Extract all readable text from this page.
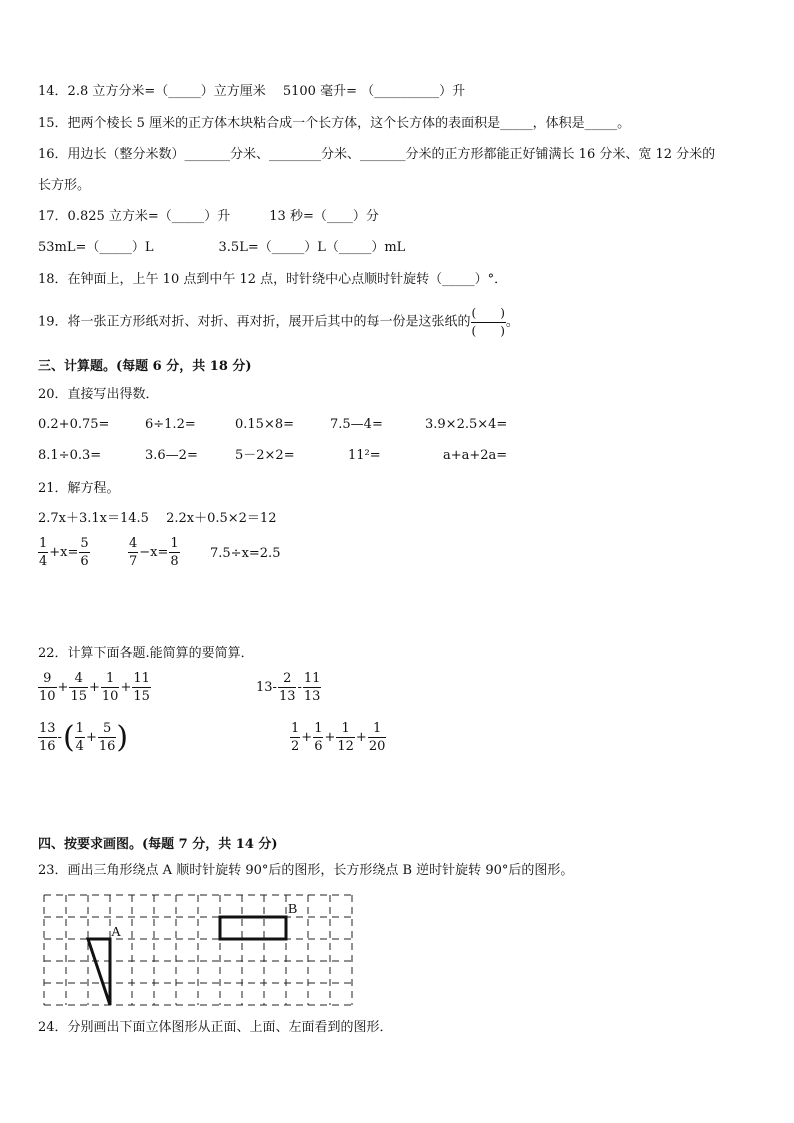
14．2.8 立方分米=（_____）立方厘米　 5100 毫升= （__________）升
15．把两个棱长 5 厘米的正方体木块粘合成一个长方体，这个长方体的表面积是_____，体积是_____。
16．用边长（整分米数）_______分米、________分米、_______分米的正方形都能正好铺满长 16 分米、宽 12 分米的
长方形。
17．0.825 立方米=（_____）升　　　13 秒=（____）分
53mL=（_____）L　　　　　3.5L=（_____）L（_____）mL
18．在钟面上，上午 10 点到中午 12 点，时针绕中心点顺时针旋转（_____）°．
19．将一张正方形纸对折、对折、再对折，展开后其中的每一份是这张纸的 $\frac{( )}{( )}$ 。
三、计算题。(每题 6 分，共 18 分)
20．直接写出得数．
0.2+0.75=	6÷1.2=	0.15×8=	7.5—4=	3.9×2.5×4=
8.1÷0.3=	3.6—2=	5－2×2=	11²=	a+a+2a=
21．解方程。
2.7x＋3.1x＝14.5　 2.2x＋0.5×2＝12
$\frac{1}{4} +x= \frac{5}{6}$	$\frac{4}{7} -x= \frac{1}{8} 7.5\div x=2.5$
22．计算下面各题.能简算的要简算．
$\frac{9}{10} + \frac{4}{15} + \frac{1}{10} + \frac{11}{15}$	$13- \frac{2}{13} - \frac{11}{13}$
$\frac{13}{16}$ -( $\frac{1}{4} + \frac{5}{16}$ )	$\frac{1}{2} + \frac{1}{6} + \frac{1}{12} + \frac{1}{20}$
四、按要求画图。(每题 7 分，共 14 分)
23．画出三角形绕点 A 顺时针旋转 90°后的图形，长方形绕点 B 逆时针旋转 90°后的图形。
A
B
24．分别画出下面立体图形从正面、上面、左面看到的图形．
